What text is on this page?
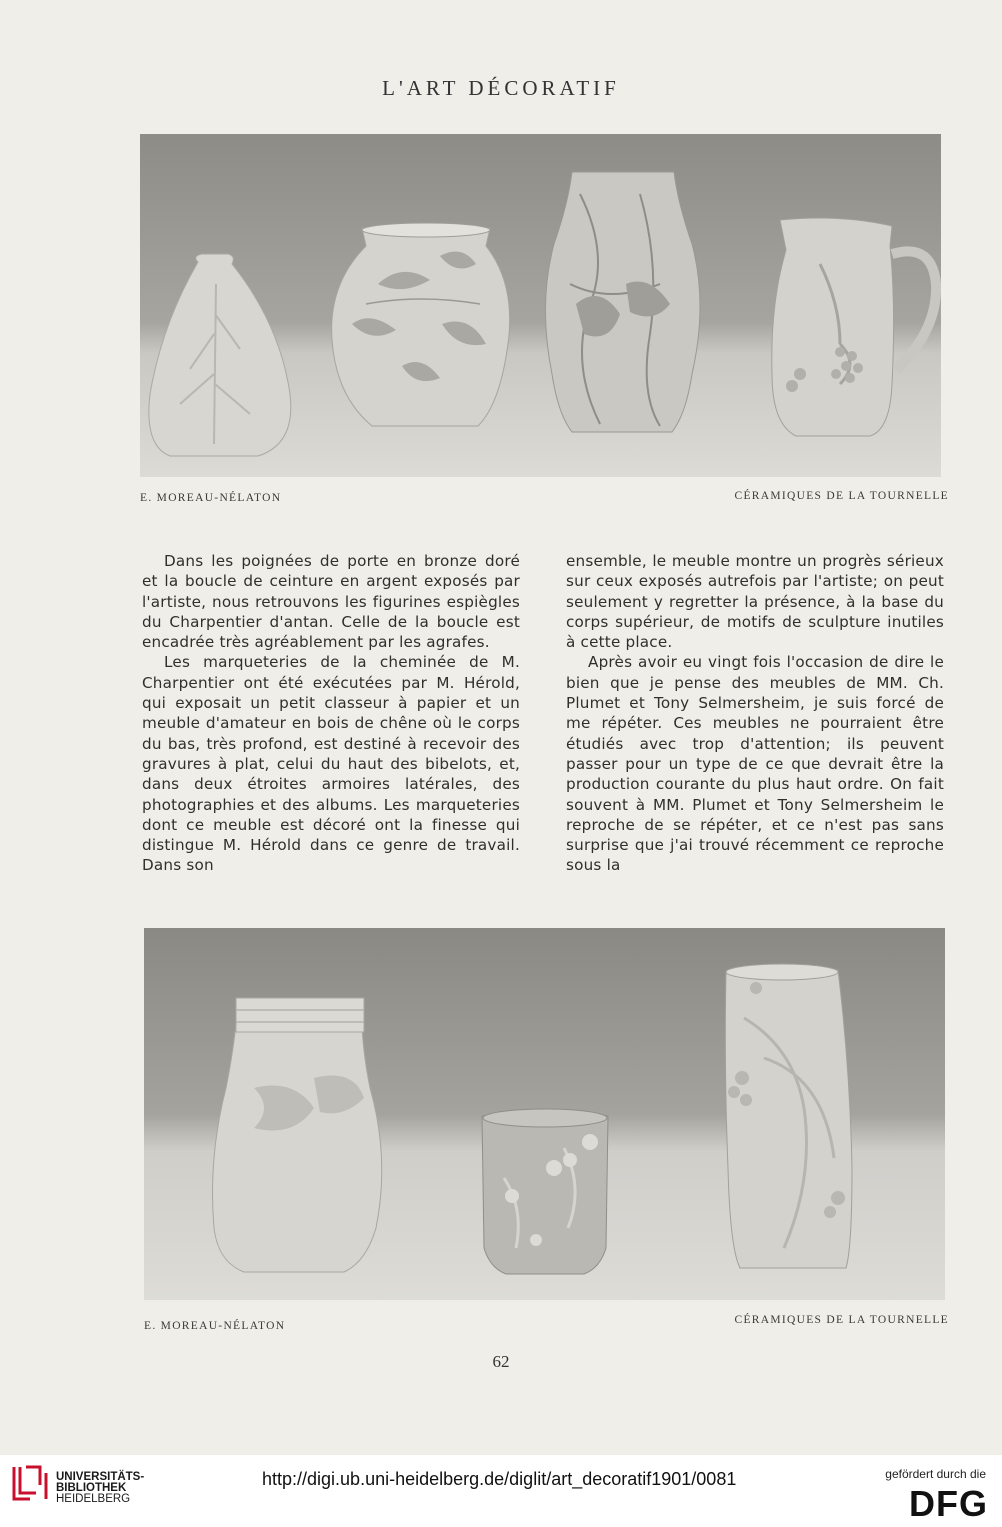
L'ART DÉCORATIF
E. MOREAU-NÉLATON	CÉRAMIQUES DE LA TOURNELLE

Dans les poignées de porte en bronze doré et la boucle de ceinture en argent exposés par l'artiste, nous retrouvons les figurines espiègles du Charpentier d'antan. Celle de la boucle est encadrée très agréablement par les agrafes.

Les marqueteries de la cheminée de M. Charpentier ont été exécutées par M. Hérold, qui exposait un petit classeur à papier et un meuble d'amateur en bois de chêne où le corps du bas, très profond, est destiné à recevoir des gravures à plat, celui du haut des bibelots, et, dans deux étroites armoires latérales, des photographies et des albums. Les marqueteries dont ce meuble est décoré ont la finesse qui distingue M. Hérold dans ce genre de travail. Dans son

ensemble, le meuble montre un progrès sérieux sur ceux exposés autrefois par l'artiste; on peut seulement y regretter la présence, à la base du corps supérieur, de motifs de sculpture inutiles à cette place.

Après avoir eu vingt fois l'occasion de dire le bien que je pense des meubles de MM. Ch. Plumet et Tony Selmersheim, je suis forcé de me répéter. Ces meubles ne pourraient être étudiés avec trop d'attention; ils peuvent passer pour un type de ce que devrait être la production courante du plus haut ordre. On fait souvent à MM. Plumet et Tony Selmersheim le reproche de se répéter, et ce n'est pas sans surprise que j'ai trouvé récemment ce reproche sous la

E. MOREAU-NÉLATON	CÉRAMIQUES DE LA TOURNELLE
62
UNIVERSITÄTS-
BIBLIOTHEK
HEIDELBERG
http://digi.ub.uni-heidelberg.de/diglit/art_decoratif1901/0081	gefördert durch die
DFG
